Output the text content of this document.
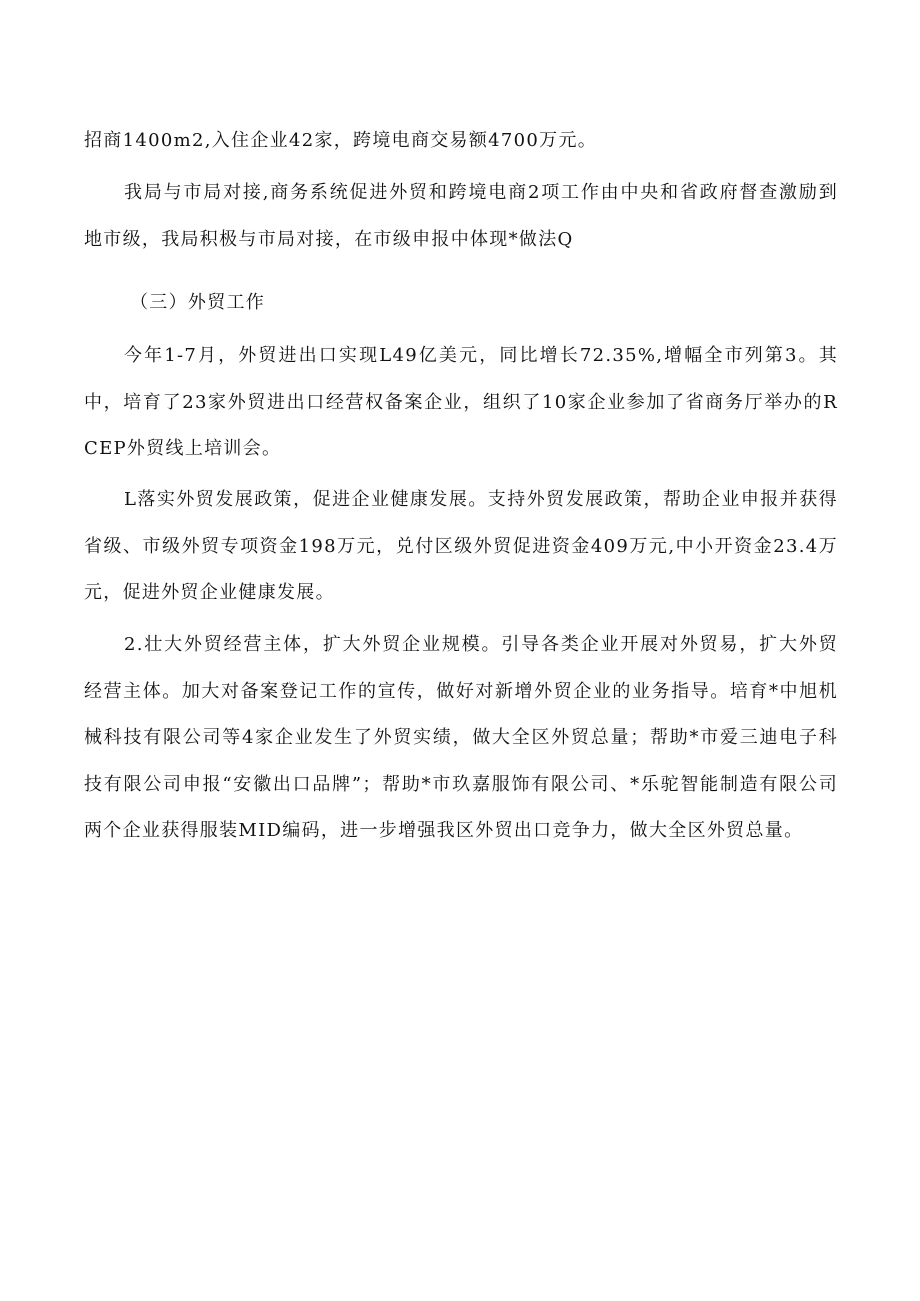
招商1400m2,入住企业42家，跨境电商交易额4700万元。

我局与市局对接,商务系统促进外贸和跨境电商2项工作由中央和省政府督查激励到地市级，我局积极与市局对接，在市级申报中体现*做法Q

（三）外贸工作

今年1-7月，外贸进出口实现L49亿美元，同比增长72.35%,增幅全市列第3。其中，培育了23家外贸进出口经营权备案企业，组织了10家企业参加了省商务厅举办的RCEP外贸线上培训会。

L落实外贸发展政策，促进企业健康发展。支持外贸发展政策，帮助企业申报并获得省级、市级外贸专项资金198万元，兑付区级外贸促进资金409万元,中小开资金23.4万元，促进外贸企业健康发展。

2.壮大外贸经营主体，扩大外贸企业规模。引导各类企业开展对外贸易，扩大外贸经营主体。加大对备案登记工作的宣传，做好对新增外贸企业的业务指导。培育*中旭机械科技有限公司等4家企业发生了外贸实绩，做大全区外贸总量；帮助*市爱三迪电子科技有限公司申报“安徽出口品牌”；帮助*市玖嘉服饰有限公司、*乐驼智能制造有限公司两个企业获得服装MID编码，进一步增强我区外贸出口竞争力，做大全区外贸总量。
